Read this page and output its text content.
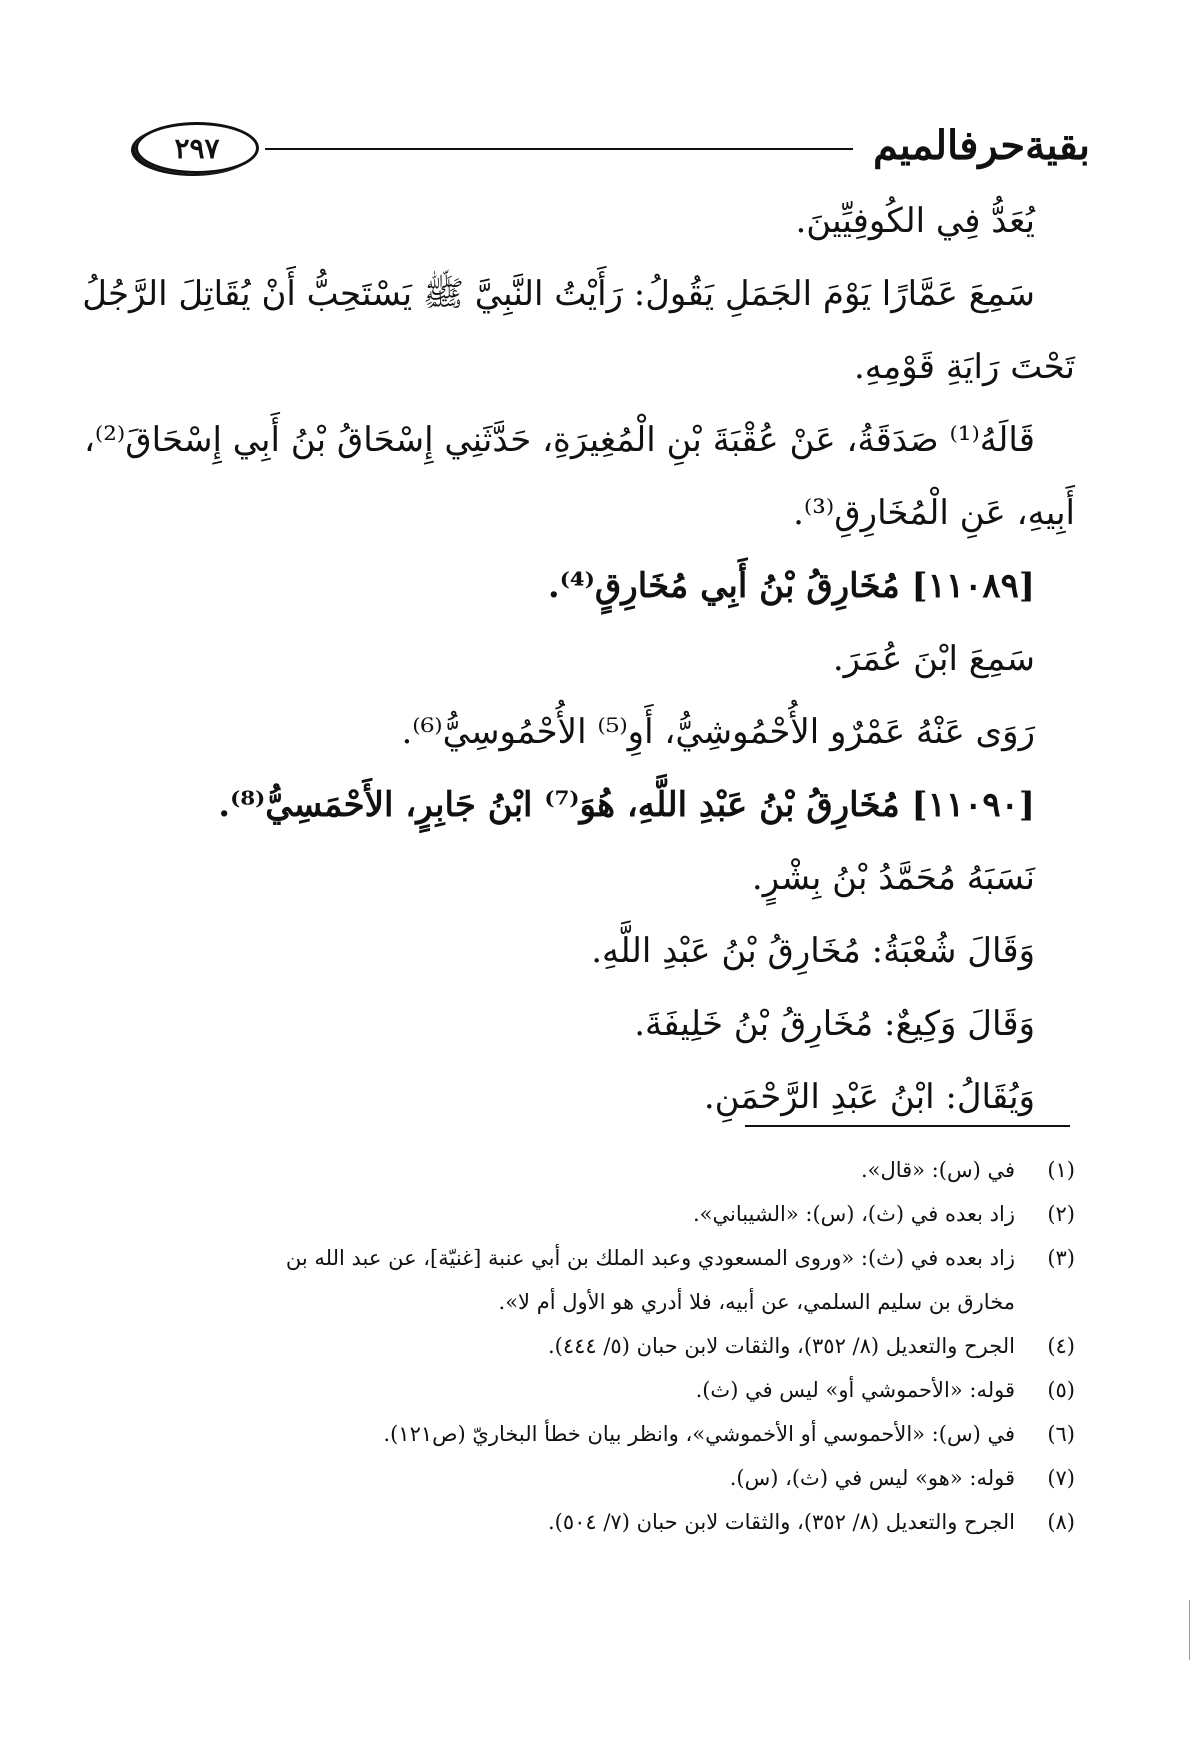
بقيةحرفالميم
٢٩٧
يُعَدُّ فِي الكُوفِيِّينَ.
سَمِعَ عَمَّارًا يَوْمَ الجَمَلِ يَقُولُ: رَأَيْتُ النَّبِيَّ ﷺ يَسْتَحِبُّ أَنْ يُقَاتِلَ الرَّجُلُ
تَحْتَ رَايَةِ قَوْمِهِ.
قَالَهُ⁽¹⁾ صَدَقَةُ، عَنْ عُقْبَةَ بْنِ الْمُغِيرَةِ، حَدَّثَنِي إِسْحَاقُ بْنُ أَبِي إِسْحَاقَ⁽²⁾،
أَبِيهِ، عَنِ الْمُخَارِقِ⁽³⁾.
[١١٠٨٩] مُخَارِقُ بْنُ أَبِي مُخَارِقٍ⁽⁴⁾.
سَمِعَ ابْنَ عُمَرَ.
رَوَى عَنْهُ عَمْرٌو الأُحْمُوشِيُّ، أَوِ⁽⁵⁾ الأُحْمُوسِيُّ⁽⁶⁾.
[١١٠٩٠] مُخَارِقُ بْنُ عَبْدِ اللَّهِ، هُوَ⁽⁷⁾ ابْنُ جَابِرٍ، الأَحْمَسِيُّ⁽⁸⁾.
نَسَبَهُ مُحَمَّدُ بْنُ بِشْرٍ.
وَقَالَ شُعْبَةُ: مُخَارِقُ بْنُ عَبْدِ اللَّهِ.
وَقَالَ وَكِيعٌ: مُخَارِقُ بْنُ خَلِيفَةَ.
وَيُقَالُ: ابْنُ عَبْدِ الرَّحْمَنِ.
(١)
في (س): «قال».
(٢)
زاد بعده في (ث)، (س): «الشيباني».
(٣)
زاد بعده في (ث): «وروى المسعودي وعبد الملك بن أبي عنبة [غنيّة]، عن عبد الله بن
مخارق بن سليم السلمي، عن أبيه، فلا أدري هو الأول أم لا».
(٤)
الجرح والتعديل (٨/ ٣٥٢)، والثقات لابن حبان (٥/ ٤٤٤).
(٥)
قوله: «الأحموشي أو» ليس في (ث).
(٦)
في (س): «الأحموسي أو الأخموشي»، وانظر بيان خطأ البخاريّ (ص١٢١).
(٧)
قوله: «هو» ليس في (ث)، (س).
(٨)
الجرح والتعديل (٨/ ٣٥٢)، والثقات لابن حبان (٧/ ٥٠٤).
